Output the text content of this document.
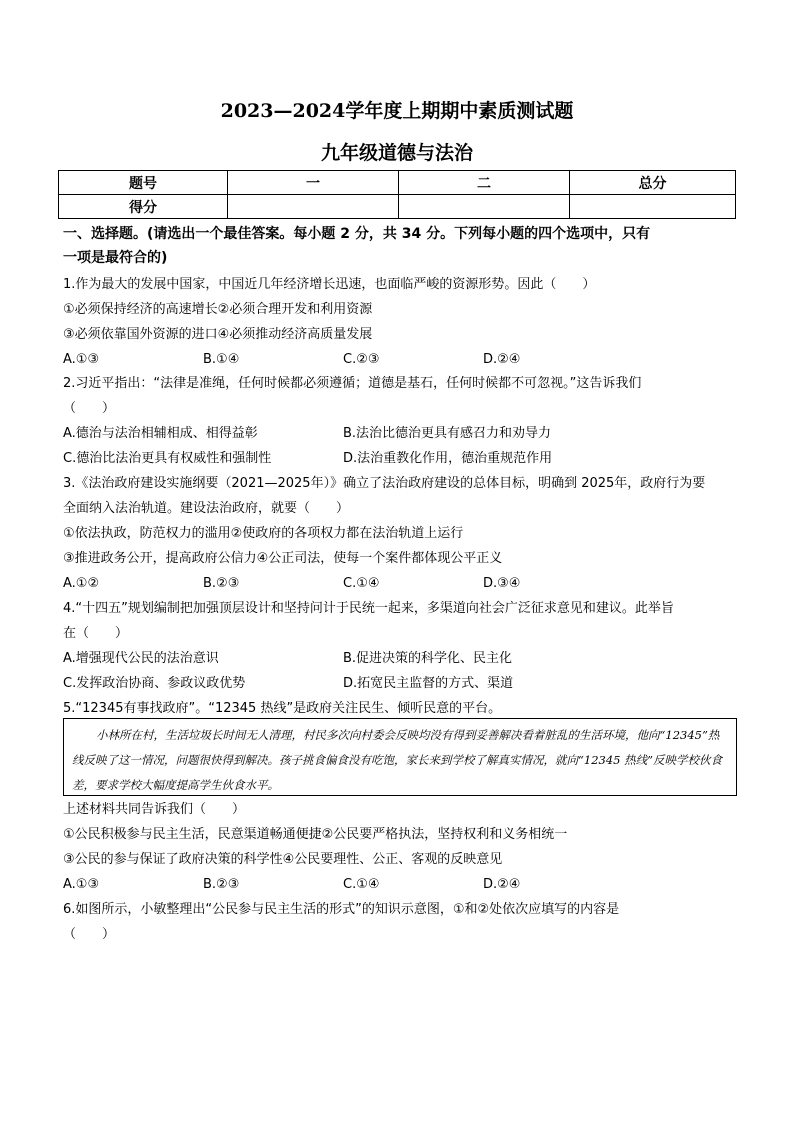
2023—2024学年度上期期中素质测试题
九年级道德与法治
题号	一	二	总分
得分			
一、选择题。(请选出一个最佳答案。每小题 2 分，共 34 分。下列每小题的四个选项中，只有
一项是最符合的)
1.作为最大的发展中国家，中国近几年经济增长迅速，也面临严峻的资源形势。因此（　　）
①必须保持经济的高速增长②必须合理开发和利用资源
③必须依靠国外资源的进口④必须推动经济高质量发展
A.①③	B.①④	C.②③	D.②④
2.习近平指出：“法律是准绳，任何时候都必须遵循；道德是基石，任何时候都不可忽视。”这告诉我们
（　　）
A.德治与法治相辅相成、相得益彰	B.法治比德治更具有感召力和劝导力
C.德治比法治更具有权威性和强制性	D.法治重教化作用，德治重规范作用
3.《法治政府建设实施纲要（2021—2025年）》确立了法治政府建设的总体目标，明确到 2025年，政府行为要
全面纳入法治轨道。建设法治政府，就要（　　）
①依法执政，防范权力的滥用②使政府的各项权力都在法治轨道上运行
③推进政务公开，提高政府公信力④公正司法，使每一个案件都体现公平正义
A.①②	B.②③	C.①④	D.③④
4.“十四五”规划编制把加强顶层设计和坚持问计于民统一起来，多渠道向社会广泛征求意见和建议。此举旨
在（　　）
A.增强现代公民的法治意识	B.促进决策的科学化、民主化
C.发挥政治协商、参政议政优势	D.拓宽民主监督的方式、渠道
5.“12345有事找政府”。“12345 热线”是政府关注民生、倾听民意的平台。
小林所在村，生活垃圾长时间无人清理，村民多次向村委会反映均没有得到妥善解决看着脏乱的生活环境，他向“12345”热线反映了这一情况，问题很快得到解决。孩子挑食偏食没有吃饱，家长来到学校了解真实情况，就向“12345 热线”反映学校伙食差，要求学校大幅度提高学生伙食水平。
上述材料共同告诉我们（　　）
①公民积极参与民主生活，民意渠道畅通便捷②公民要严格执法，坚持权利和义务相统一
③公民的参与保证了政府决策的科学性④公民要理性、公正、客观的反映意见
A.①③	B.②③	C.①④	D.②④
6.如图所示，小敏整理出“公民参与民主生活的形式”的知识示意图，①和②处依次应填写的内容是
（　　）
